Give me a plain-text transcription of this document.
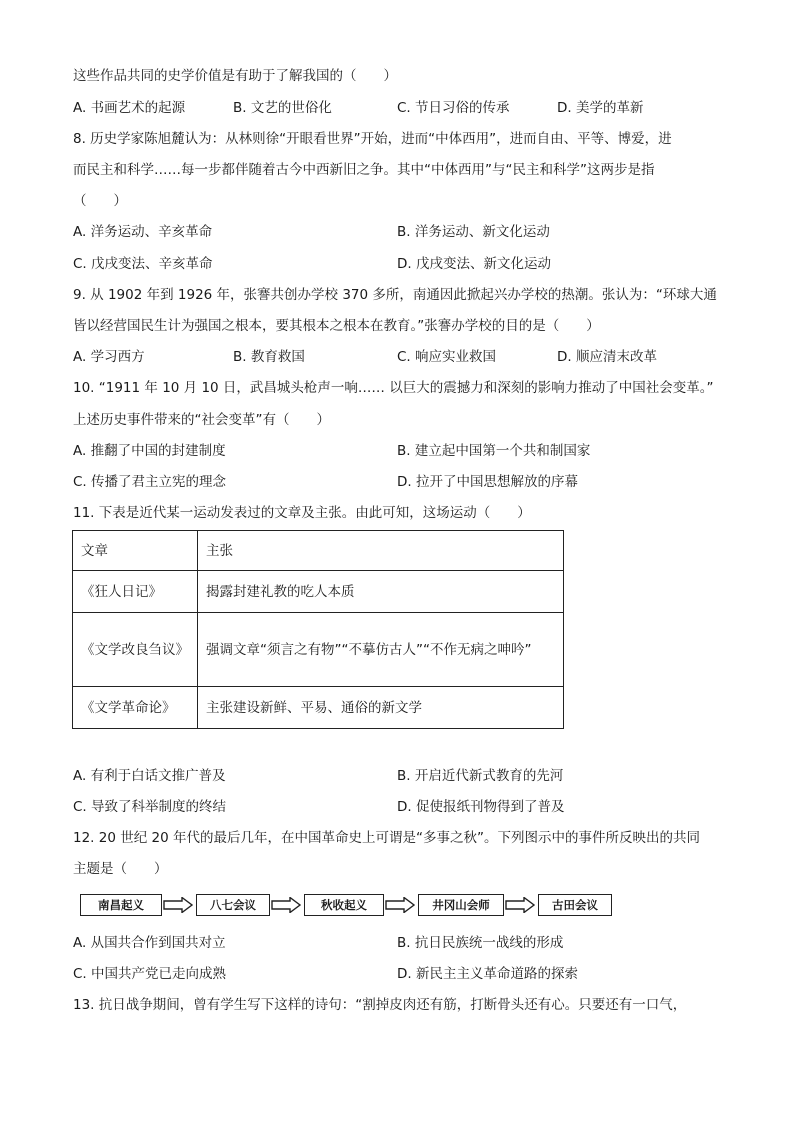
这些作品共同的史学价值是有助于了解我国的（　　）
A. 书画艺术的起源	B. 文艺的世俗化	C. 节日习俗的传承	D. 美学的革新
8. 历史学家陈旭麓认为：从林则徐“开眼看世界”开始，进而“中体西用”，进而自由、平等、博爱，进
而民主和科学……每一步都伴随着古今中西新旧之争。其中“中体西用”与“民主和科学”这两步是指
（　　）
A. 洋务运动、辛亥革命	B. 洋务运动、新文化运动
C. 戊戌变法、辛亥革命	D. 戊戌变法、新文化运动
9. 从 1902 年到 1926 年，张謇共创办学校 370 多所，南通因此掀起兴办学校的热潮。张认为：“环球大通
皆以经营国民生计为强国之根本，要其根本之根本在教育。”张謇办学校的目的是（　　）
A. 学习西方	B. 教育救国	C. 响应实业救国	D. 顺应清末改革
10. “1911 年 10 月 10 日，武昌城头枪声一响…… 以巨大的震撼力和深刻的影响力推动了中国社会变革。”
上述历史事件带来的“社会变革”有（　　）
A. 推翻了中国的封建制度	B. 建立起中国第一个共和制国家
C. 传播了君主立宪的理念	D. 拉开了中国思想解放的序幕
11. 下表是近代某一运动发表过的文章及主张。由此可知，这场运动（　　）
文章	主张
《狂人日记》	揭露封建礼教的吃人本质
《文学改良刍议》	强调文章“须言之有物”“不摹仿古人”“不作无病之呻吟”
《文学革命论》	主张建设新鲜、平易、通俗的新文学
A. 有利于白话文推广普及	B. 开启近代新式教育的先河
C. 导致了科举制度的终结	D. 促使报纸刊物得到了普及
12. 20 世纪 20 年代的最后几年，在中国革命史上可谓是“多事之秋”。下列图示中的事件所反映出的共同
主题是（　　）
南昌起义	八七会议	秋收起义	井冈山会师	古田会议
A. 从国共合作到国共对立	B. 抗日民族统一战线的形成
C. 中国共产党已走向成熟	D. 新民主主义革命道路的探索
13. 抗日战争期间，曾有学生写下这样的诗句：“割掉皮肉还有筋，打断骨头还有心。只要还有一口气，
